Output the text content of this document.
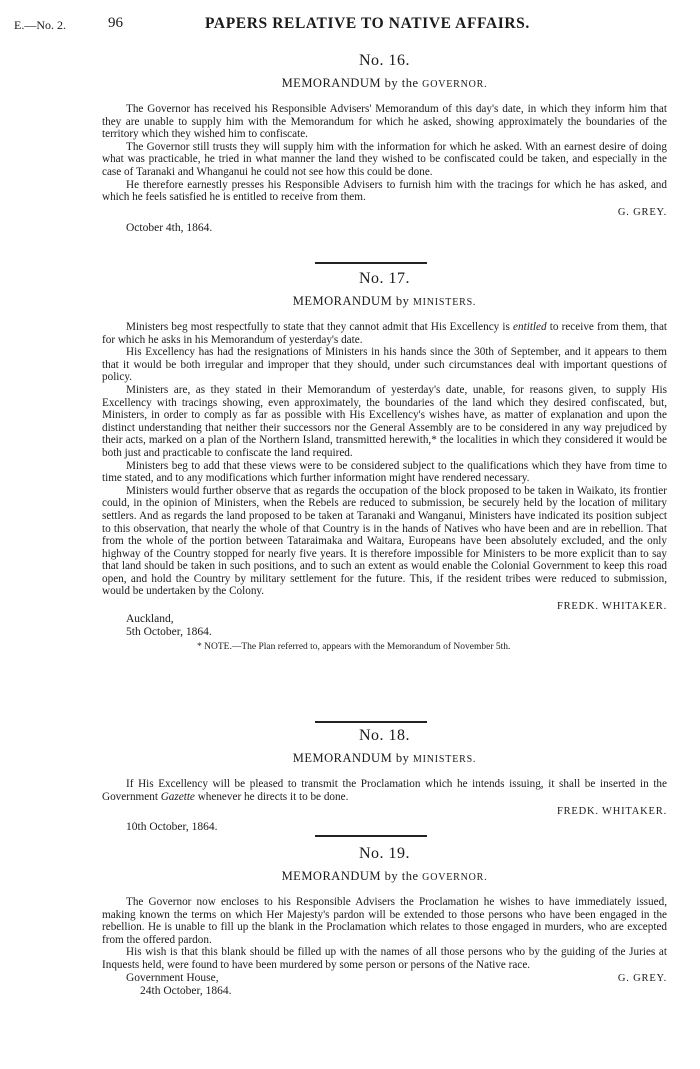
E.—No. 2.	96	PAPERS RELATIVE TO NATIVE AFFAIRS.
No. 16.
MEMORANDUM by the GOVERNOR.

The Governor has received his Responsible Advisers' Memorandum of this day's date, in which they inform him that they are unable to supply him with the Memorandum for which he asked, showing approximately the boundaries of the territory which they wished him to confiscate.

The Governor still trusts they will supply him with the information for which he asked. With an earnest desire of doing what was practicable, he tried in what manner the land they wished to be confiscated could be taken, and especially in the case of Taranaki and Whanganui he could not see how this could be done.

He therefore earnestly presses his Responsible Advisers to furnish him with the tracings for which he has asked, and which he feels satisfied he is entitled to receive from them.

G. GREY.
October 4th, 1864.
No. 17.
MEMORANDUM by MINISTERS.

Ministers beg most respectfully to state that they cannot admit that His Excellency is entitled to receive from them, that for which he asks in his Memorandum of yesterday's date.

His Excellency has had the resignations of Ministers in his hands since the 30th of September, and it appears to them that it would be both irregular and improper that they should, under such circumstances deal with important questions of policy.

Ministers are, as they stated in their Memorandum of yesterday's date, unable, for reasons given, to supply His Excellency with tracings showing, even approximately, the boundaries of the land which they desired confiscated, but, Ministers, in order to comply as far as possible with His Excellency's wishes have, as matter of explanation and upon the distinct understanding that neither their successors nor the General Assembly are to be considered in any way prejudiced by their acts, marked on a plan of the Northern Island, transmitted herewith,* the localities in which they considered it would be both just and practicable to confiscate the land required.

Ministers beg to add that these views were to be considered subject to the qualifications which they have from time to time stated, and to any modifications which further information might have rendered necessary.

Ministers would further observe that as regards the occupation of the block proposed to be taken in Waikato, its frontier could, in the opinion of Ministers, when the Rebels are reduced to submission, be securely held by the location of military settlers. And as regards the land proposed to be taken at Taranaki and Wanganui, Ministers have indicated its position subject to this observation, that nearly the whole of that Country is in the hands of Natives who have been and are in rebellion. That from the whole of the portion between Tataraimaka and Waitara, Europeans have been absolutely excluded, and the only highway of the Country stopped for nearly five years. It is therefore impossible for Ministers to be more explicit than to say that land should be taken in such positions, and to such an extent as would enable the Colonial Government to keep this road open, and hold the Country by military settlement for the future. This, if the resident tribes were reduced to submission, would be undertaken by the Colony.

FREDK. WHITAKER.
Auckland,
5th October, 1864.
* NOTE.—The Plan referred to, appears with the Memorandum of November 5th.
No. 18.
MEMORANDUM by MINISTERS.

If His Excellency will be pleased to transmit the Proclamation which he intends issuing, it shall be inserted in the Government Gazette whenever he directs it to be done.

FREDK. WHITAKER.
10th October, 1864.
No. 19.
MEMORANDUM by the GOVERNOR.

The Governor now encloses to his Responsible Advisers the Proclamation he wishes to have immediately issued, making known the terms on which Her Majesty's pardon will be extended to those persons who have been engaged in the rebellion. He is unable to fill up the blank in the Proclamation which relates to those engaged in murders, who are excepted from the offered pardon.

His wish is that this blank should be filled up with the names of all those persons who by the guiding of the Juries at Inquests held, were found to have been murdered by some person or persons of the Native race.

Government House,	G. GREY.
24th October, 1864.
